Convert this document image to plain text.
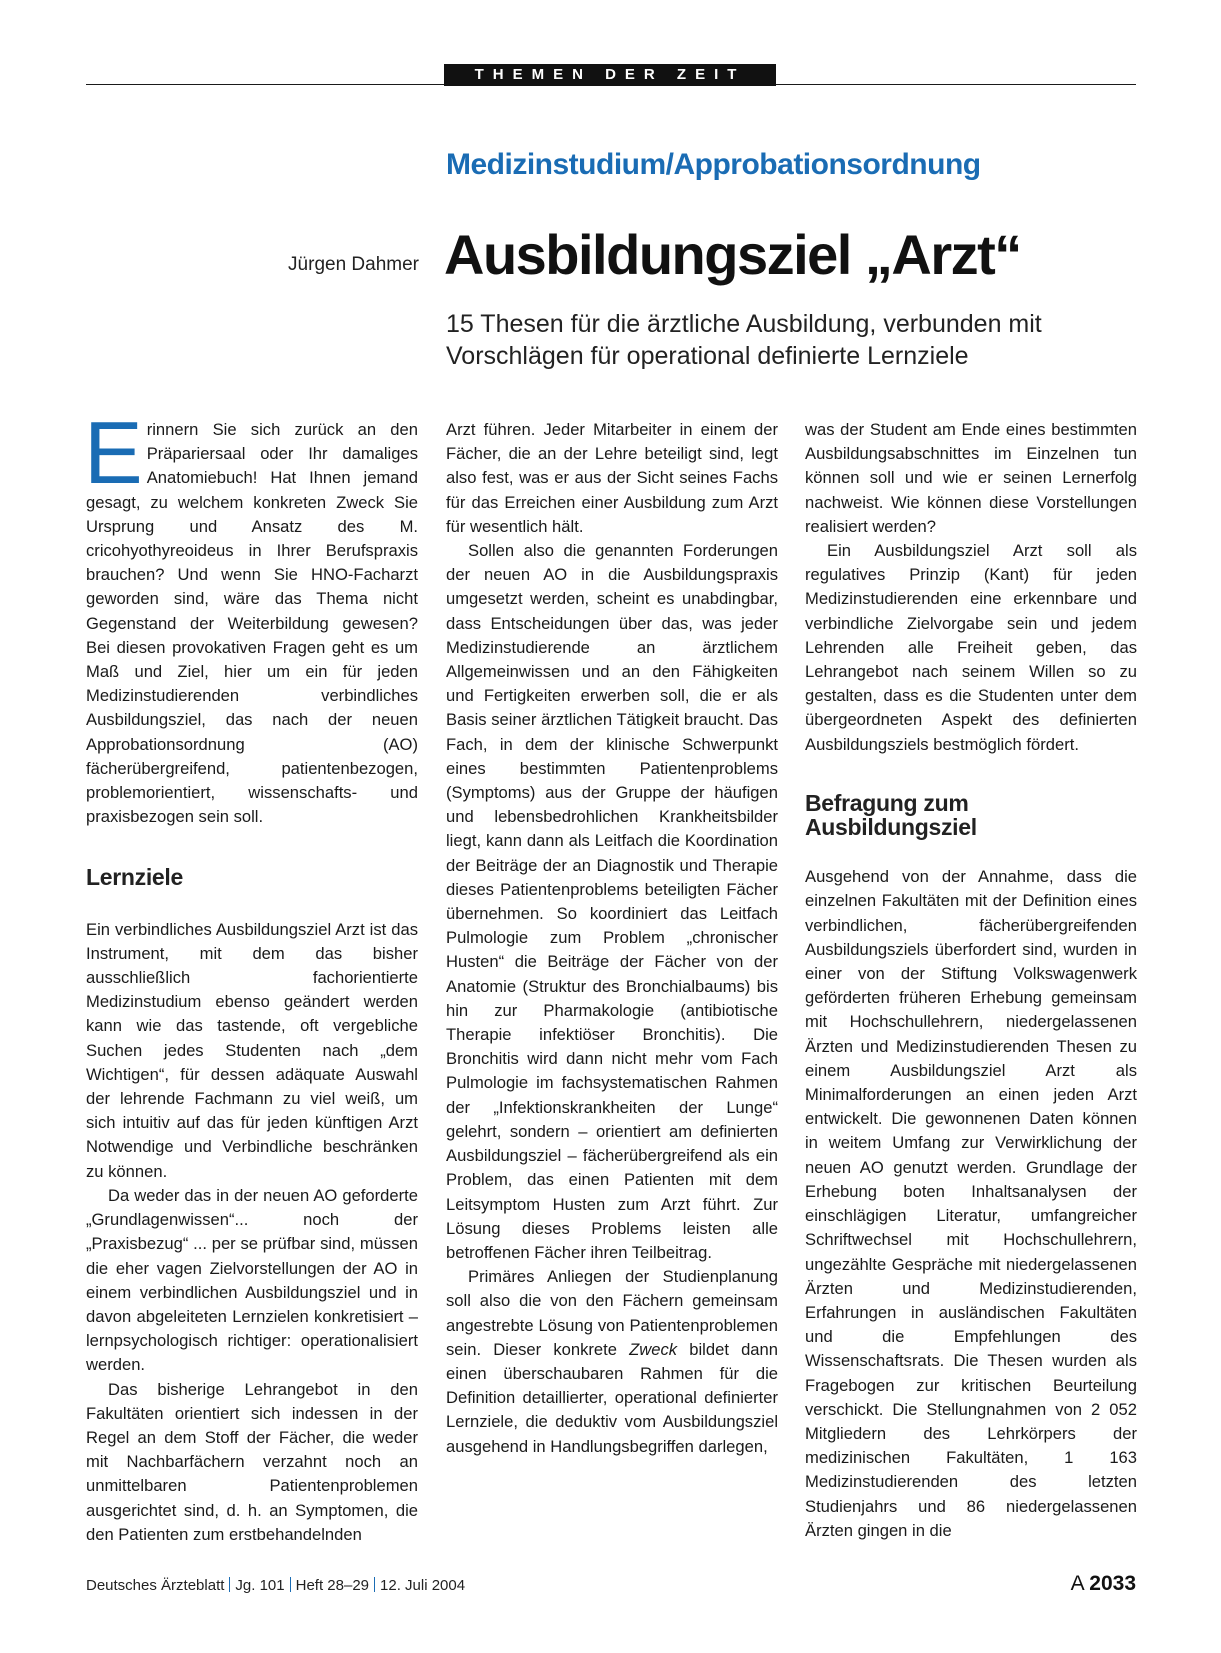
THEMEN DER ZEIT
Medizinstudium/Approbationsordnung
Jürgen Dahmer Ausbildungsziel „Arzt“
15 Thesen für die ärztliche Ausbildung, verbunden mit Vorschlägen für operational definierte Lernziele

Erinnern Sie sich zurück an den Präpariersaal oder Ihr damaliges Anatomiebuch! Hat Ihnen jemand gesagt, zu welchem konkreten Zweck Sie Ursprung und Ansatz des M. cricohyothyreoideus in Ihrer Berufspraxis brauchen? Und wenn Sie HNO-Facharzt geworden sind, wäre das Thema nicht Gegenstand der Weiterbildung gewesen? Bei diesen provokativen Fragen geht es um Maß und Ziel, hier um ein für jeden Medizinstudierenden verbindliches Ausbildungsziel, das nach der neuen Approbationsordnung (AO) fächerübergreifend, patientenbezogen, problemorientiert, wissenschafts- und praxisbezogen sein soll.

Lernziele

Ein verbindliches Ausbildungsziel Arzt ist das Instrument, mit dem das bisher ausschließlich fachorientierte Medizinstudium ebenso geändert werden kann wie das tastende, oft vergebliche Suchen jedes Studenten nach „dem Wichtigen“, für dessen adäquate Auswahl der lehrende Fachmann zu viel weiß, um sich intuitiv auf das für jeden künftigen Arzt Notwendige und Verbindliche beschränken zu können.

Da weder das in der neuen AO geforderte „Grundlagenwissen“... noch der „Praxisbezug“ ... per se prüfbar sind, müssen die eher vagen Zielvorstellungen der AO in einem verbindlichen Ausbildungsziel und in davon abgeleiteten Lernzielen konkretisiert – lernpsychologisch richtiger: operationalisiert werden.

Das bisherige Lehrangebot in den Fakultäten orientiert sich indessen in der Regel an dem Stoff der Fächer, die weder mit Nachbarfächern verzahnt noch an unmittelbaren Patientenproblemen ausgerichtet sind, d. h. an Symptomen, die den Patienten zum erstbehandelnden

Arzt führen. Jeder Mitarbeiter in einem der Fächer, die an der Lehre beteiligt sind, legt also fest, was er aus der Sicht seines Fachs für das Erreichen einer Ausbildung zum Arzt für wesentlich hält.

Sollen also die genannten Forderungen der neuen AO in die Ausbildungspraxis umgesetzt werden, scheint es unabdingbar, dass Entscheidungen über das, was jeder Medizinstudierende an ärztlichem Allgemeinwissen und an den Fähigkeiten und Fertigkeiten erwerben soll, die er als Basis seiner ärztlichen Tätigkeit braucht. Das Fach, in dem der klinische Schwerpunkt eines bestimmten Patientenproblems (Symptoms) aus der Gruppe der häufigen und lebensbedrohlichen Krankheitsbilder liegt, kann dann als Leitfach die Koordination der Beiträge der an Diagnostik und Therapie dieses Patientenproblems beteiligten Fächer übernehmen. So koordiniert das Leitfach Pulmologie zum Problem „chronischer Husten“ die Beiträge der Fächer von der Anatomie (Struktur des Bronchialbaums) bis hin zur Pharmakologie (antibiotische Therapie infektiöser Bronchitis). Die Bronchitis wird dann nicht mehr vom Fach Pulmologie im fachsystematischen Rahmen der „Infektionskrankheiten der Lunge“ gelehrt, sondern – orientiert am definierten Ausbildungsziel – fächerübergreifend als ein Problem, das einen Patienten mit dem Leitsymptom Husten zum Arzt führt. Zur Lösung dieses Problems leisten alle betroffenen Fächer ihren Teilbeitrag.

Primäres Anliegen der Studienplanung soll also die von den Fächern gemeinsam angestrebte Lösung von Patientenproblemen sein. Dieser konkrete Zweck bildet dann einen überschaubaren Rahmen für die Definition detaillierter, operational definierter Lernziele, die deduktiv vom Ausbildungsziel ausgehend in Handlungsbegriffen darlegen,

was der Student am Ende eines bestimmten Ausbildungsabschnittes im Einzelnen tun können soll und wie er seinen Lernerfolg nachweist. Wie können diese Vorstellungen realisiert werden?

Ein Ausbildungsziel Arzt soll als regulatives Prinzip (Kant) für jeden Medizinstudierenden eine erkennbare und verbindliche Zielvorgabe sein und jedem Lehrenden alle Freiheit geben, das Lehrangebot nach seinem Willen so zu gestalten, dass es die Studenten unter dem übergeordneten Aspekt des definierten Ausbildungsziels bestmöglich fördert.

Befragung zum Ausbildungsziel

Ausgehend von der Annahme, dass die einzelnen Fakultäten mit der Definition eines verbindlichen, fächerübergreifenden Ausbildungsziels überfordert sind, wurden in einer von der Stiftung Volkswagenwerk geförderten früheren Erhebung gemeinsam mit Hochschullehrern, niedergelassenen Ärzten und Medizinstudierenden Thesen zu einem Ausbildungsziel Arzt als Minimalforderungen an einen jeden Arzt entwickelt. Die gewonnenen Daten können in weitem Umfang zur Verwirklichung der neuen AO genutzt werden. Grundlage der Erhebung boten Inhaltsanalysen der einschlägigen Literatur, umfangreicher Schriftwechsel mit Hochschullehrern, ungezählte Gespräche mit niedergelassenen Ärzten und Medizinstudierenden, Erfahrungen in ausländischen Fakultäten und die Empfehlungen des Wissenschaftsrats. Die Thesen wurden als Fragebogen zur kritischen Beurteilung verschickt. Die Stellungnahmen von 2 052 Mitgliedern des Lehrkörpers der medizinischen Fakultäten, 1 163 Medizinstudierenden des letzten Studienjahrs und 86 niedergelassenen Ärzten gingen in die

Deutsches Ärzteblatt Jg. 101 Heft 28–29 12. Juli 2004	A 2033
